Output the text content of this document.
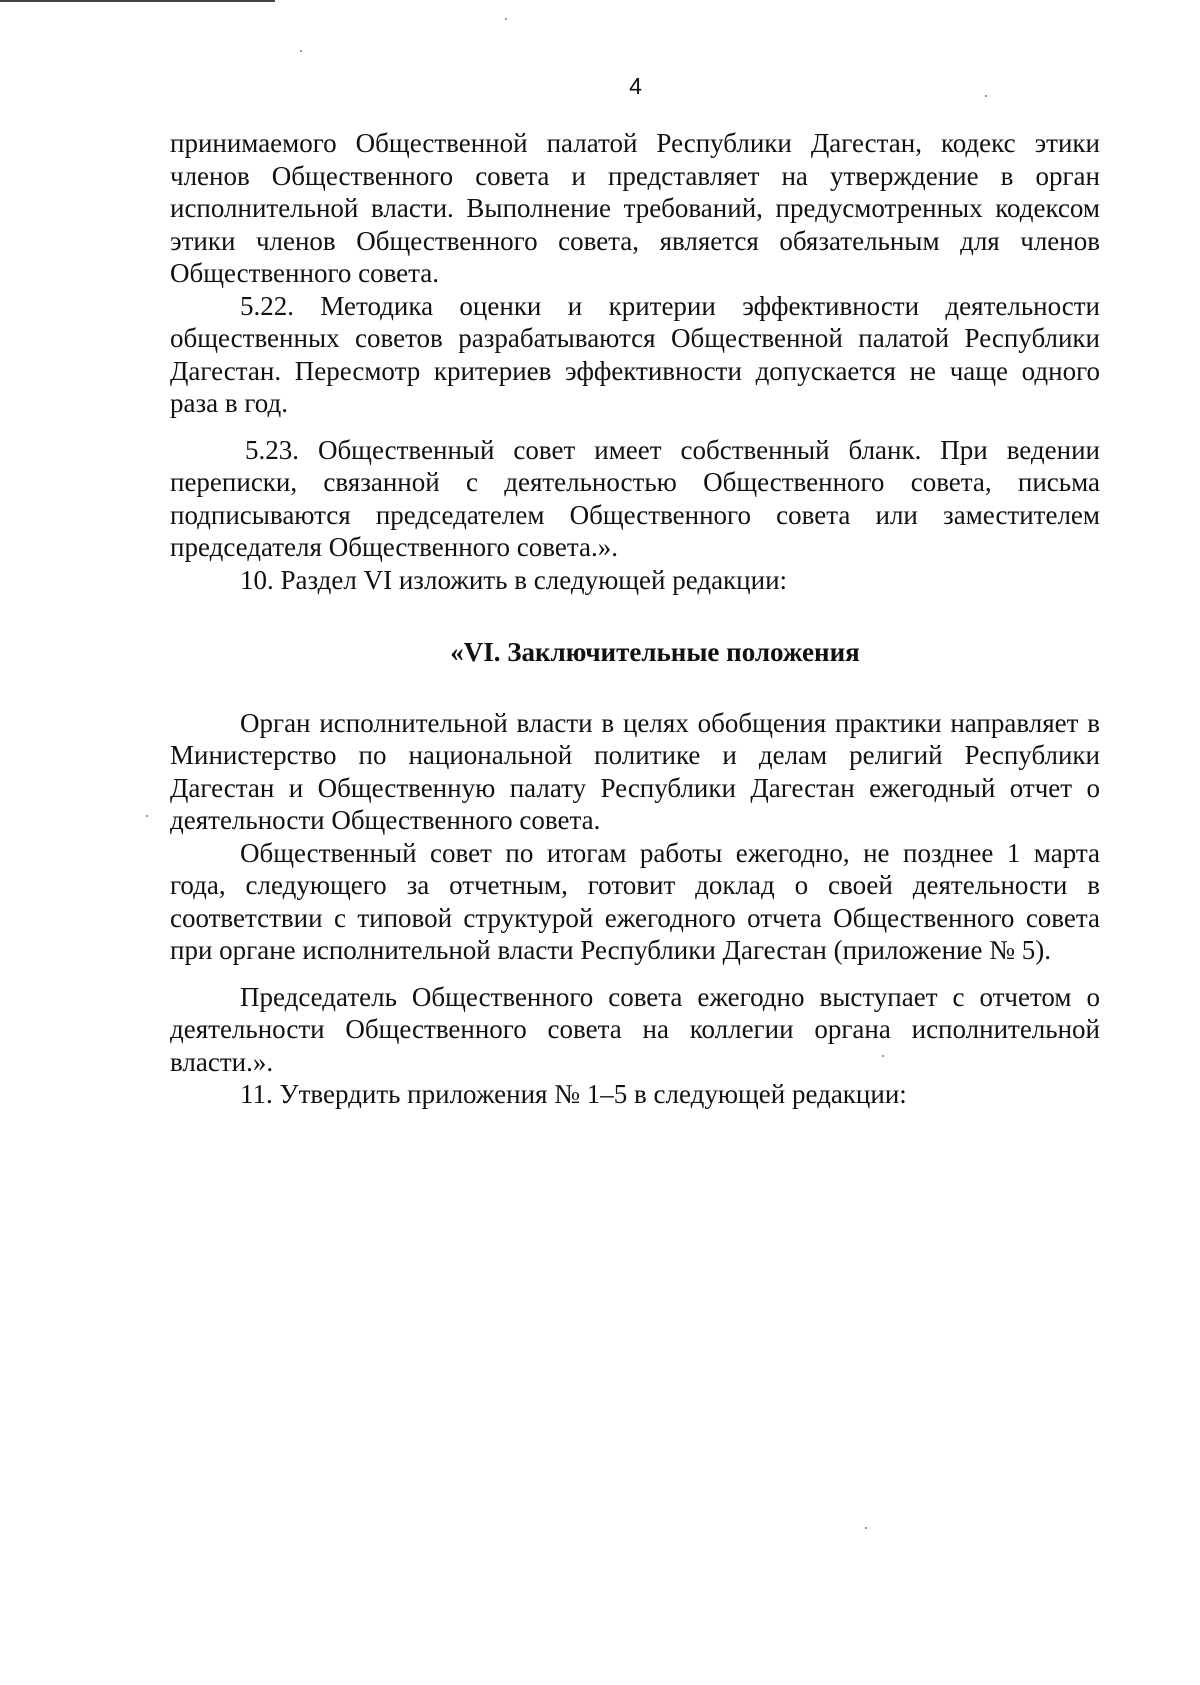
4

принимаемого Общественной палатой Республики Дагестан, кодекс этики членов Общественного совета и представляет на утверждение в орган исполнительной власти. Выполнение требований, предусмотренных кодексом этики членов Общественного совета, является обязательным для членов Общественного совета.

5.22. Методика оценки и критерии эффективности деятельности общественных советов разрабатываются Общественной палатой Республики Дагестан. Пересмотр критериев эффективности допускается не чаще одного раза в год.

5.23. Общественный совет имеет собственный бланк. При ведении переписки, связанной с деятельностью Общественного совета, письма подписываются председателем Общественного совета или заместителем председателя Общественного совета.».

10. Раздел VI изложить в следующей редакции:

«VI. Заключительные положения

Орган исполнительной власти в целях обобщения практики направляет в Министерство по национальной политике и делам религий Республики Дагестан и Общественную палату Республики Дагестан ежегодный отчет о деятельности Общественного совета.

Общественный совет по итогам работы ежегодно, не позднее 1 марта года, следующего за отчетным, готовит доклад о своей деятельности в соответствии с типовой структурой ежегодного отчета Общественного совета при органе исполнительной власти Республики Дагестан (приложение № 5).

Председатель Общественного совета ежегодно выступает с отчетом о деятельности Общественного совета на коллегии органа исполнительной власти.».

11. Утвердить приложения № 1–5 в следующей редакции:
